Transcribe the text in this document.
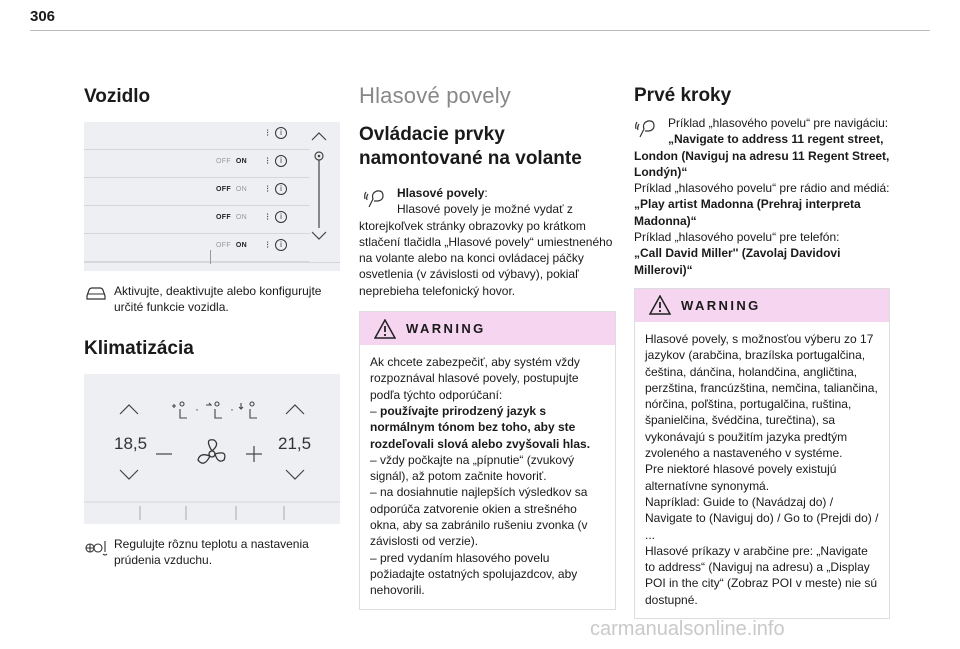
306
Vozidlo
⁝	i
OFF ON ⁝	i
OFF ON ⁝	i
OFF ON ⁝	i
OFF ON ⁝	i
Aktivujte, deaktivujte alebo konfigurujte určité funkcie vozidla.
Klimatizácia
18,5	21,5
·	·
Regulujte rôznu teplotu a nastavenia prúdenia vzduchu.
Hlasové povely
Ovládacie prvky namontované na volante

Hlasové povely:

Hlasové povely je možné vydať z ktorejkoľvek stránky obrazovky po krátkom stlačení tlačidla „Hlasové povely“ umiestneného na volante alebo na konci ovládacej páčky osvetlenia (v závislosti od výbavy), pokiaľ neprebieha telefonický hovor.

WARNING

Ak chcete zabezpečiť, aby systém vždy rozpoznával hlasové povely, postupujte podľa týchto odporúčaní:

– používajte prirodzený jazyk s normálnym tónom bez toho, aby ste rozdeľovali slová alebo zvyšovali hlas.

– vždy počkajte na „pípnutie“ (zvukový signál), až potom začnite hovoriť.

– na dosiahnutie najlepších výsledkov sa odporúča zatvorenie okien a strešného okna, aby sa zabránilo rušeniu zvonka (v závislosti od verzie).

– pred vydaním hlasového povelu požiadajte ostatných spolujazdcov, aby nehovorili.

Prvé kroky

Príklad „hlasového povelu“ pre navigáciu:

„Navigate to address 11 regent street, London (Naviguj na adresu 11 Regent Street, Londýn)“

Príklad „hlasového povelu“ pre rádio and médiá:

„Play artist Madonna (Prehraj interpreta Madonna)“

Príklad „hlasového povelu“ pre telefón:

„Call David Miller'' (Zavolaj Davidovi Millerovi)“

WARNING

Hlasové povely, s možnosťou výberu zo 17 jazykov (arabčina, brazílska portugalčina, čeština, dánčina, holandčina, angličtina, perzština, francúzština, nemčina, taliančina, nórčina, poľština, portugalčina, ruština, španielčina, švédčina, turečtina), sa vykonávajú s použitím jazyka predtým zvoleného a nastaveného v systéme.

Pre niektoré hlasové povely existujú alternatívne synonymá.

Napríklad: Guide to (Navádzaj do) / Navigate to (Naviguj do) / Go to (Prejdi do) / ...

Hlasové príkazy v arabčine pre: „Navigate to address“ (Naviguj na adresu) a „Display POI in the city“ (Zobraz POI v meste) nie sú dostupné.

carmanualsonline.info
